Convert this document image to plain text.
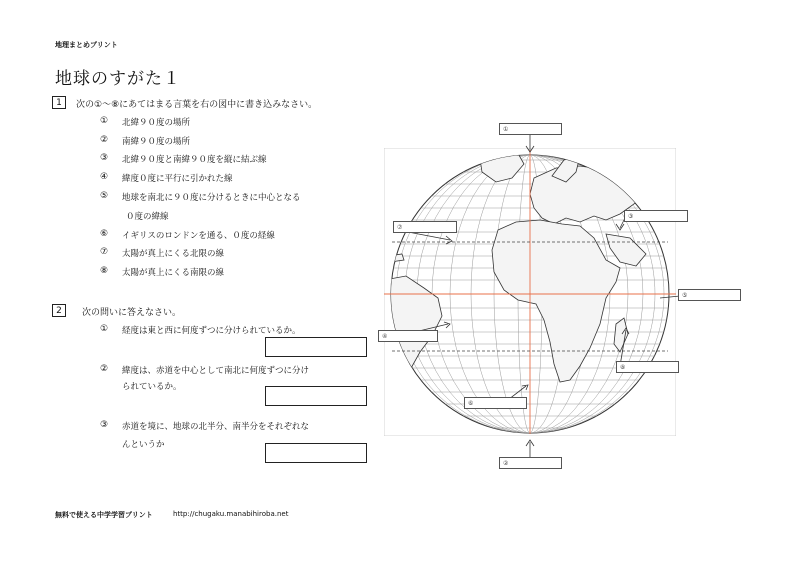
地理まとめプリント
地球のすがた１
1	次の①～⑧にあてはまる言葉を右の図中に書き込みなさい。
① 北緯９０度の場所
② 南緯９０度の場所
③ 北緯９０度と南緯９０度を縦に結ぶ線
④ 緯度０度に平行に引かれた線
⑤ 地球を南北に９０度に分けるときに中心となる
０度の緯線
⑥ イギリスのロンドンを通る、０度の経線
⑦ 太陽が真上にくる北限の線
⑧ 太陽が真上にくる南限の線
2	次の問いに答えなさい。
① 経度は東と西に何度ずつに分けられているか。
② 緯度は、赤道を中心として南北に何度ずつに分け
られているか。
③ 赤道を境に、地球の北半分、南半分をそれぞれな
んというか
①
②
③
④
⑤
⑥
⑦
⑧
無料で使える中学学習プリント	http://chugaku.manabihiroba.net
